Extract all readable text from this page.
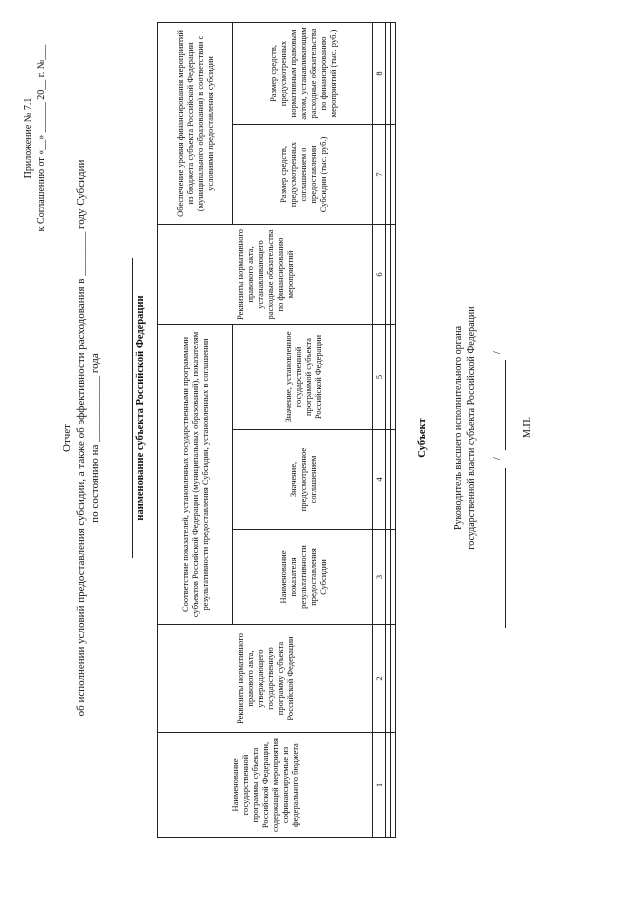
Приложение № 7.1 к Соглашению от «__» ______ 20__ г. №___
Отчет об исполнении условий предоставления субсидии, а также об эффективности расходования в ________ году Субсидии по состоянию на ____________ года	наименование субъекта Российской Федерации
Наименование государственной программы субъекта Российской Федерации, содержащей мероприятия софинансируемые из федерального бюджета	Реквизиты нормативного правового акта, утверждающего государственную программу субъекта Российской Федерации	Соответствие показателей, установленных государственными программами субъектов Российской Федерации (муниципальных образований), показателям результативности предоставления Субсидии, установленных в соглашении			Реквизиты нормативного правового акта, устанавливающего расходные обязательства по финансированию мероприятий	Обеспечение уровня финансирования мероприятий из бюджета субъекта Российской Федерации (муниципального образования) в соответствии с условиями предоставления субсидии	
		Наименование показателя результативности предоставления Субсидии	Значение, предусмотренное соглашением	Значение, установленное государственной программой субъекта Российской Федерации		Размер средств, предусмотренных соглашением о предоставлении Субсидии (тыс. руб.)	Размер средств, предусмотренных нормативным правовым актом, устанавливающим расходные обязательства по финансированию мероприятий (тыс. руб.)
1	2	3	4	5	6	7	8

Субъект	Руководитель высшего исполнительного органа государственной власти субъекта Российской Федерации /
/
М.П.
